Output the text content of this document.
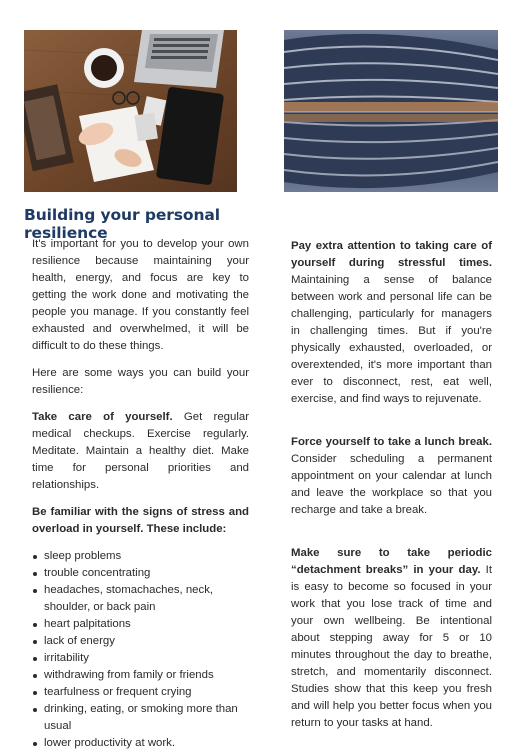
Building your personal resilience

It's important for you to develop your own resilience because maintaining your health, energy, and focus are key to getting the work done and motivating the people you manage. If you constantly feel exhausted and overwhelmed, it will be difficult to do these things.

Here are some ways you can build your resilience:

Take care of yourself. Get regular medical checkups. Exercise regularly. Meditate. Maintain a healthy diet. Make time for personal priorities and relationships.

Be familiar with the signs of stress and overload in yourself. These include:

sleep problems
trouble concentrating
headaches, stomachaches, neck, shoulder, or back pain
heart palpitations
lack of energy
irritability
withdrawing from family or friends
tearfulness or frequent crying
drinking, eating, or smoking more than usual
lower productivity at work.

Pay extra attention to taking care of yourself during stressful times. Maintaining a sense of balance between work and personal life can be challenging, particularly for managers in challenging times. But if you're physically exhausted, overloaded, or overextended, it's more important than ever to disconnect, rest, eat well, exercise, and find ways to rejuvenate.

Force yourself to take a lunch break. Consider scheduling a permanent appointment on your calendar at lunch and leave the workplace so that you recharge and take a break.

Make sure to take periodic “detachment breaks” in your day. It is easy to become so focused in your work that you lose track of time and your own wellbeing. Be intentional about stepping away for 5 or 10 minutes throughout the day to breathe, stretch, and momentarily disconnect. Studies show that this keep you fresh and will help you better focus when you return to your tasks at hand.
